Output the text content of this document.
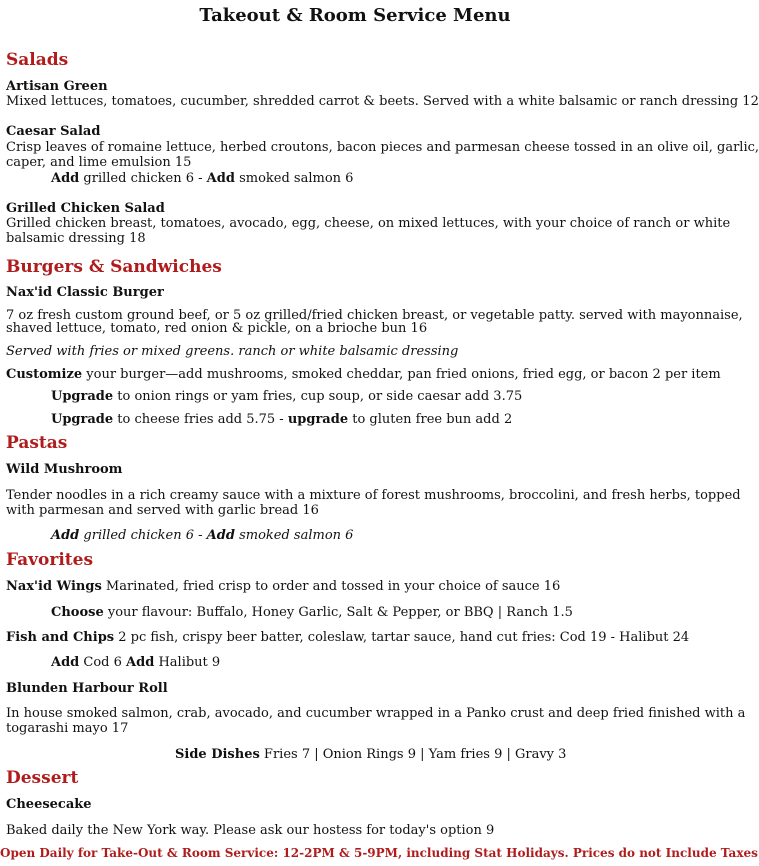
Takeout & Room Service Menu
Salads
Artisan Green
Mixed lettuces, tomatoes, cucumber, shredded carrot & beets. Served with a white balsamic or ranch dressing 12
Caesar Salad
Crisp leaves of romaine lettuce, herbed croutons, bacon pieces and parmesan cheese tossed in an olive oil, garlic,
caper, and lime emulsion 15
Add grilled chicken 6 - Add smoked salmon 6
Grilled Chicken Salad
Grilled chicken breast, tomatoes, avocado, egg, cheese, on mixed lettuces, with your choice of ranch or white
balsamic dressing 18
Burgers & Sandwiches
Nax'id Classic Burger
7 oz fresh custom ground beef, or 5 oz grilled/fried chicken breast, or vegetable patty. served with mayonnaise,
shaved lettuce, tomato, red onion & pickle, on a brioche bun 16
Served with fries or mixed greens. ranch or white balsamic dressing
Customize your burger—add mushrooms, smoked cheddar, pan fried onions, fried egg, or bacon 2 per item
Upgrade to onion rings or yam fries, cup soup, or side caesar add 3.75
Upgrade to cheese fries add 5.75 - upgrade to gluten free bun add 2
Pastas
Wild Mushroom
Tender noodles in a rich creamy sauce with a mixture of forest mushrooms, broccolini, and fresh herbs, topped
with parmesan and served with garlic bread 16
Add grilled chicken 6 - Add smoked salmon 6
Favorites
Nax'id Wings Marinated, fried crisp to order and tossed in your choice of sauce 16
Choose your flavour: Buffalo, Honey Garlic, Salt & Pepper, or BBQ | Ranch 1.5
Fish and Chips 2 pc fish, crispy beer batter, coleslaw, tartar sauce, hand cut fries: Cod 19 - Halibut 24
Add Cod 6 Add Halibut 9
Blunden Harbour Roll
In house smoked salmon, crab, avocado, and cucumber wrapped in a Panko crust and deep fried finished with a
togarashi mayo 17
Side Dishes Fries 7 | Onion Rings 9 | Yam fries 9 | Gravy 3
Dessert
Cheesecake
Baked daily the New York way. Please ask our hostess for today's option 9
Open Daily for Take-Out & Room Service: 12-2PM & 5-9PM, including Stat Holidays. Prices do not Include Taxes
